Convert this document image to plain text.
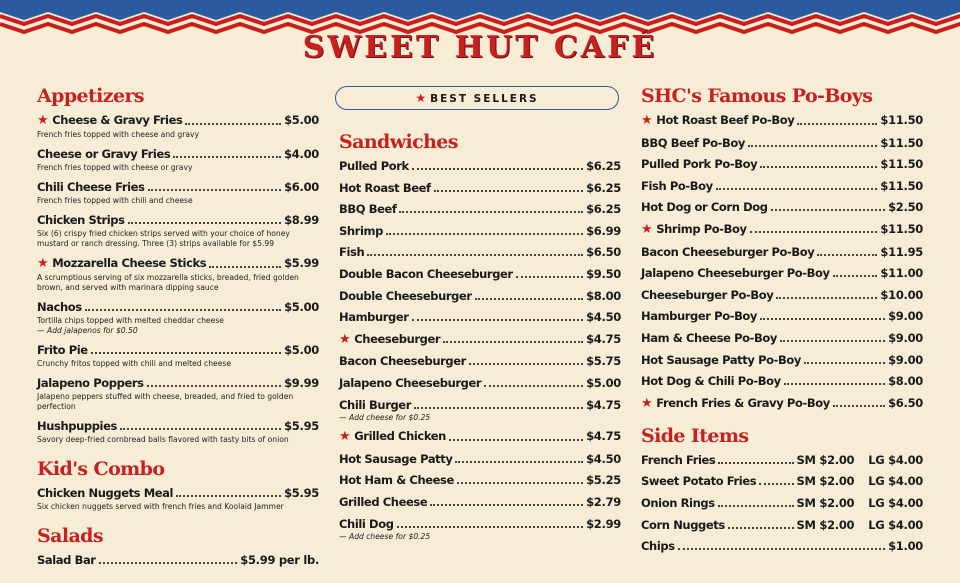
SWEET HUT CAFÉ
Appetizers
★ Cheese & Gravy Fries	$5.00
French fries topped with cheese and gravy
Cheese or Gravy Fries	$4.00
French fries topped with cheese or gravy
Chili Cheese Fries	$6.00
French fries topped with chili and cheese
Chicken Strips	$8.99
Six (6) crispy fried chicken strips served with your choice of honey mustard or ranch dressing. Three (3) strips available for $5.99
★ Mozzarella Cheese Sticks	$5.99
A scrumptious serving of six mozzarella sticks, breaded, fried golden brown, and served with marinara dipping sauce
Nachos	$5.00
Tortilla chips topped with melted cheddar cheese
— Add jalapenos for $0.50
Frito Pie	$5.00
Crunchy fritos topped with chili and melted cheese
Jalapeno Poppers	$9.99
Jalapeno peppers stuffed with cheese, breaded, and fried to golden perfection
Hushpuppies	$5.95
Savory deep-fried cornbread balls flavored with tasty bits of onion
Kid's Combo
Chicken Nuggets Meal	$5.95
Six chicken nuggets served with french fries and Koolaid Jammer
Salads
Salad Bar	$5.99 per lb.
★ BEST SELLERS
Sandwiches
Pulled Pork	$6.25
Hot Roast Beef	$6.25
BBQ Beef	$6.25
Shrimp	$6.99
Fish	$6.50
Double Bacon Cheeseburger	$9.50
Double Cheeseburger	$8.00
Hamburger	$4.50
★ Cheeseburger	$4.75
Bacon Cheeseburger	$5.75
Jalapeno Cheeseburger	$5.00
Chili Burger	$4.75
— Add cheese for $0.25
★ Grilled Chicken	$4.75
Hot Sausage Patty	$4.50
Hot Ham & Cheese	$5.25
Grilled Cheese	$2.79
Chili Dog	$2.99
— Add cheese for $0.25
SHC's Famous Po-Boys
★ Hot Roast Beef Po-Boy	$11.50
BBQ Beef Po-Boy	$11.50
Pulled Pork Po-Boy	$11.50
Fish Po-Boy	$11.50
Hot Dog or Corn Dog	$2.50
★ Shrimp Po-Boy	$11.50
Bacon Cheeseburger Po-Boy	$11.95
Jalapeno Cheeseburger Po-Boy	$11.00
Cheeseburger Po-Boy	$10.00
Hamburger Po-Boy	$9.00
Ham & Cheese Po-Boy	$9.00
Hot Sausage Patty Po-Boy	$9.00
Hot Dog & Chili Po-Boy	$8.00
★ French Fries & Gravy Po-Boy	$6.50
Side Items
French Fries	SM $2.00 LG $4.00
Sweet Potato Fries	SM $2.00 LG $4.00
Onion Rings	SM $2.00 LG $4.00
Corn Nuggets	SM $2.00 LG $4.00
Chips	$1.00
